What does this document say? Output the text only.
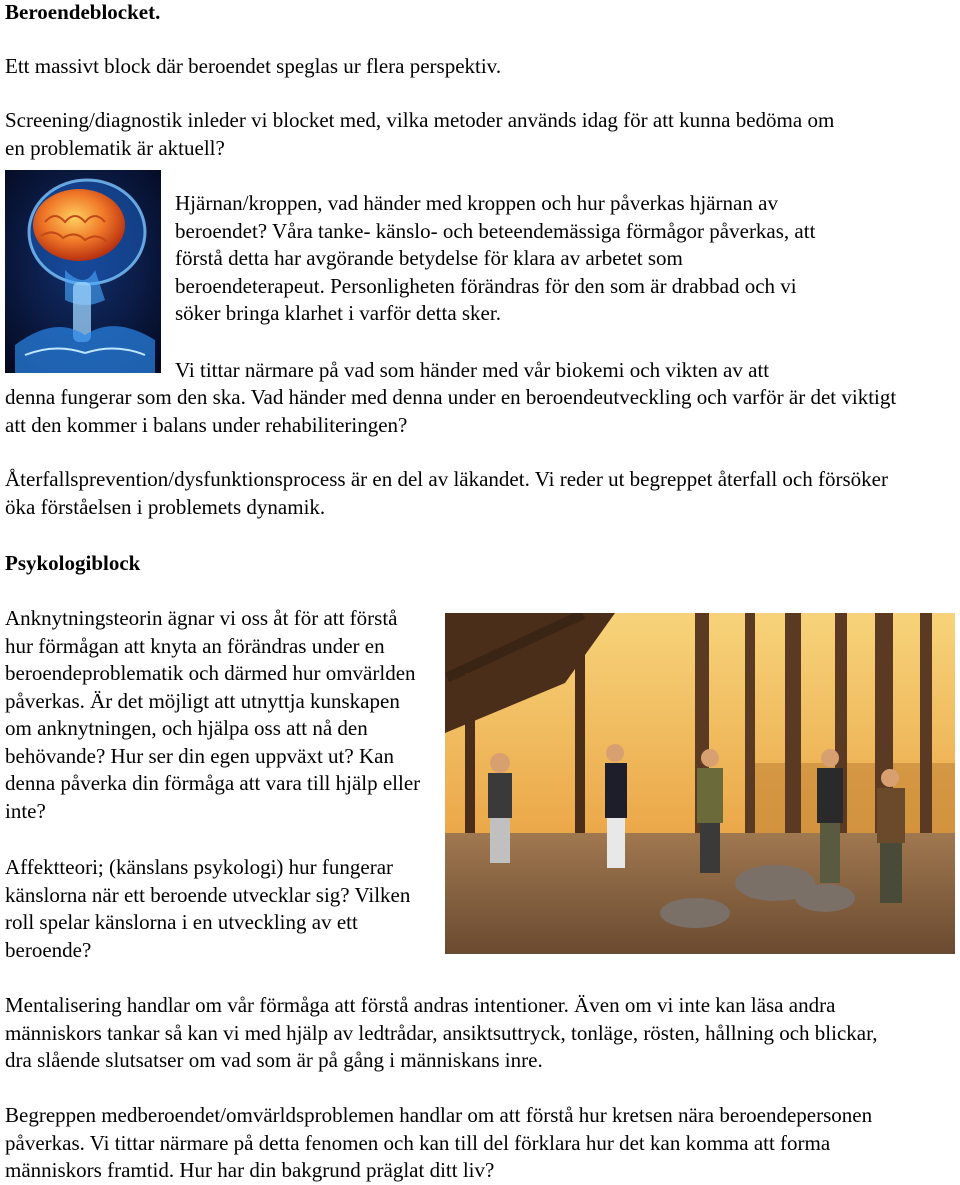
Beroendeblocket.

Ett massivt block där beroendet speglas ur flera perspektiv.

Screening/diagnostik inleder vi blocket med, vilka metoder används idag för att kunna bedöma om en problematik är aktuell?

Hjärnan/kroppen, vad händer med kroppen och hur påverkas hjärnan av
beroendet? Våra tanke- känslo- och beteendemässiga förmågor påverkas, att
förstå detta har avgörande betydelse för klara av arbetet som
beroendeterapeut. Personligheten förändras för den som är drabbad och vi
söker bringa klarhet i varför detta sker.
Vi tittar närmare på vad som händer med vår biokemi och vikten av att

denna fungerar som den ska. Vad händer med denna under en beroendeutveckling och varför är det viktigt att den kommer i balans under rehabiliteringen?

Återfallsprevention/dysfunktionsprocess är en del av läkandet. Vi reder ut begreppet återfall och försöker öka förståelsen i problemets dynamik.

Psykologiblock

Anknytningsteorin ägnar vi oss åt för att förstå hur förmågan att knyta an förändras under en beroendeproblematik och därmed hur omvärlden påverkas. Är det möjligt att utnyttja kunskapen om anknytningen, och hjälpa oss att nå den behövande? Hur ser din egen uppväxt ut? Kan denna påverka din förmåga att vara till hjälp eller inte?

Affektteori; (känslans psykologi) hur fungerar känslorna när ett beroende utvecklar sig? Vilken roll spelar känslorna i en utveckling av ett beroende?

Mentalisering handlar om vår förmåga att förstå andras intentioner. Även om vi inte kan läsa andra människors tankar så kan vi med hjälp av ledtrådar, ansiktsuttryck, tonläge, rösten, hållning och blickar, dra slående slutsatser om vad som är på gång i människans inre.

Begreppen medberoendet/omvärldsproblemen handlar om att förstå hur kretsen nära beroendepersonen påverkas. Vi tittar närmare på detta fenomen och kan till del förklara hur det kan komma att forma människors framtid. Hur har din bakgrund präglat ditt liv?
